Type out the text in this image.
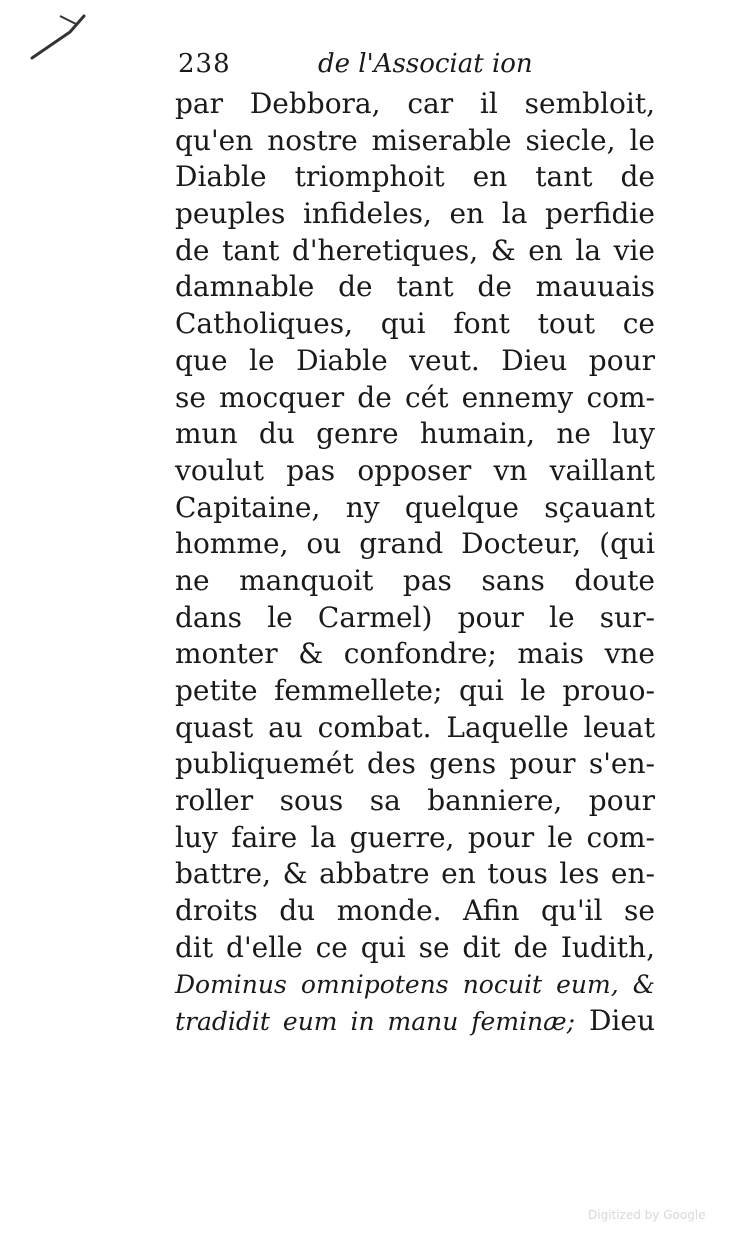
238	de l'Associat ion
par Debbora, car il sembloit,
qu'en nostre miserable siecle, le
Diable triomphoit en tant de
peuples infideles, en la perfidie
de tant d'heretiques, & en la vie
damnable de tant de mauuais
Catholiques, qui font tout ce
que le Diable veut. Dieu pour
se mocquer de cét ennemy com-
mun du genre humain, ne luy
voulut pas opposer vn vaillant
Capitaine, ny quelque sçauant
homme, ou grand Docteur, (qui
ne manquoit pas sans doute
dans le Carmel) pour le sur-
monter & confondre; mais vne
petite femmellete; qui le prouo-
quast au combat. Laquelle leuat
publiquemét des gens pour s'en-
roller sous sa banniere, pour
luy faire la guerre, pour le com-
battre, & abbatre en tous les en-
droits du monde. Afin qu'il se
dit d'elle ce qui se dit de Iudith,
Dominus omnipotens nocuit eum, &
tradidit eum in manu feminæ; Dieu
Digitized by Google
